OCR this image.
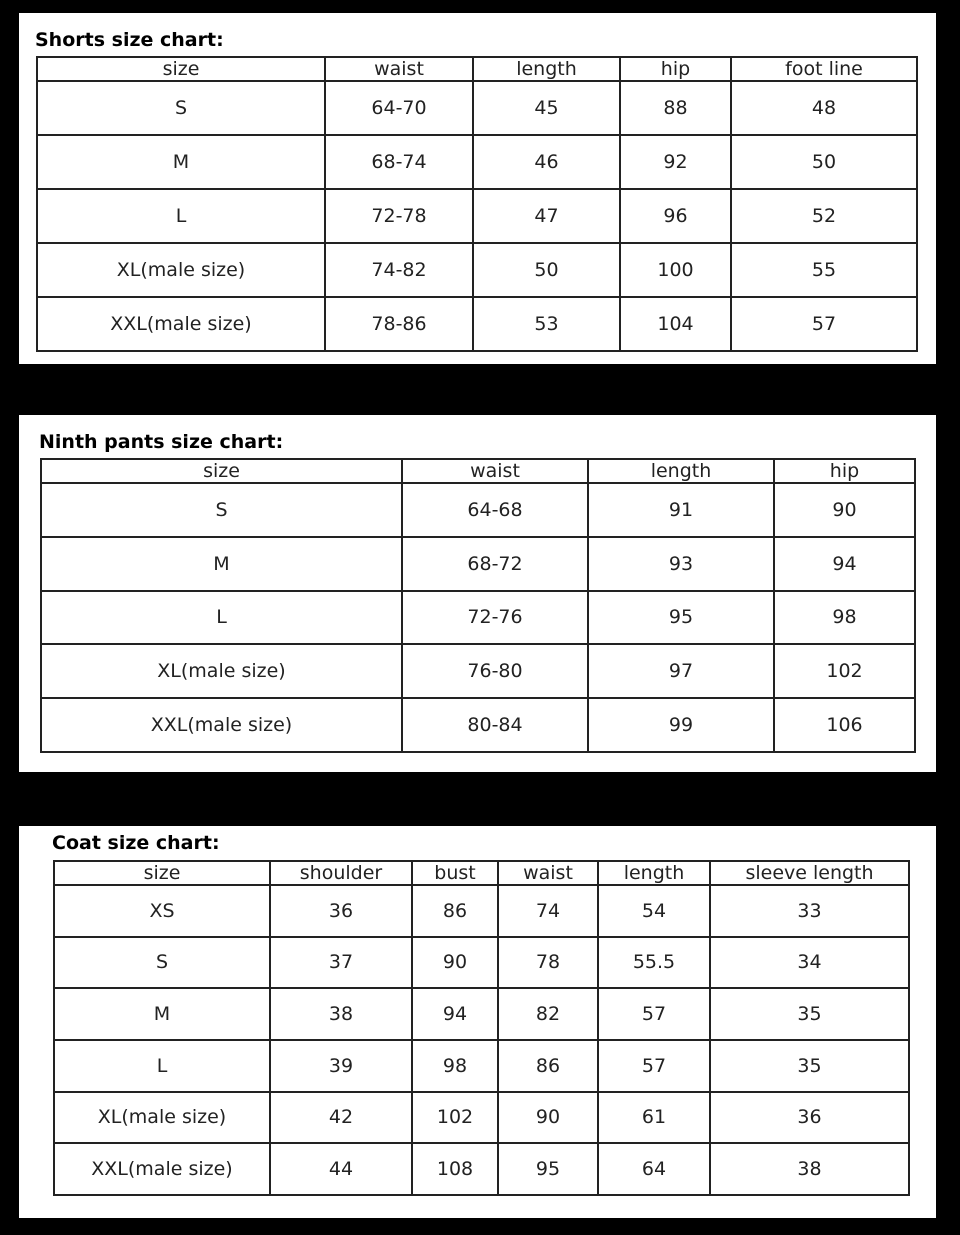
Shorts size chart:
size	waist	length	hip	foot line
S	64-70	45	88	48
M	68-74	46	92	50
L	72-78	47	96	52
XL(male size)	74-82	50	100	55
XXL(male size)	78-86	53	104	57
Ninth pants size chart:
size	waist	length	hip
S	64-68	91	90
M	68-72	93	94
L	72-76	95	98
XL(male size)	76-80	97	102
XXL(male size)	80-84	99	106
Coat size chart:
size	shoulder	bust	waist	length	sleeve length
XS	36	86	74	54	33
S	37	90	78	55.5	34
M	38	94	82	57	35
L	39	98	86	57	35
XL(male size)	42	102	90	61	36
XXL(male size)	44	108	95	64	38
